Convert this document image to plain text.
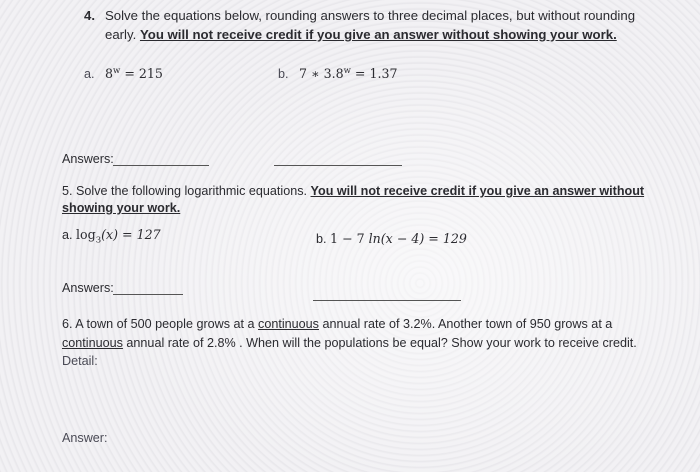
4. Solve the equations below, rounding answers to three decimal places, but without rounding
early. You will not receive credit if you give an answer without showing your work.
a. $8^w = 215$	b. 7 ∗ $3.8^w = 1.37$
Answers:
5. Solve the following logarithmic equations. You will not receive credit if you give an answer without
showing your work.
a. $\log_3(x) = 127$	b. 1 − 7 ln(x − 4) = 129
Answers:
6. A town of 500 people grows at a continuous annual rate of 3.2%. Another town of 950 grows at a
continuous annual rate of 2.8% . When will the populations be equal? Show your work to receive credit.
Detail:
Answer:
